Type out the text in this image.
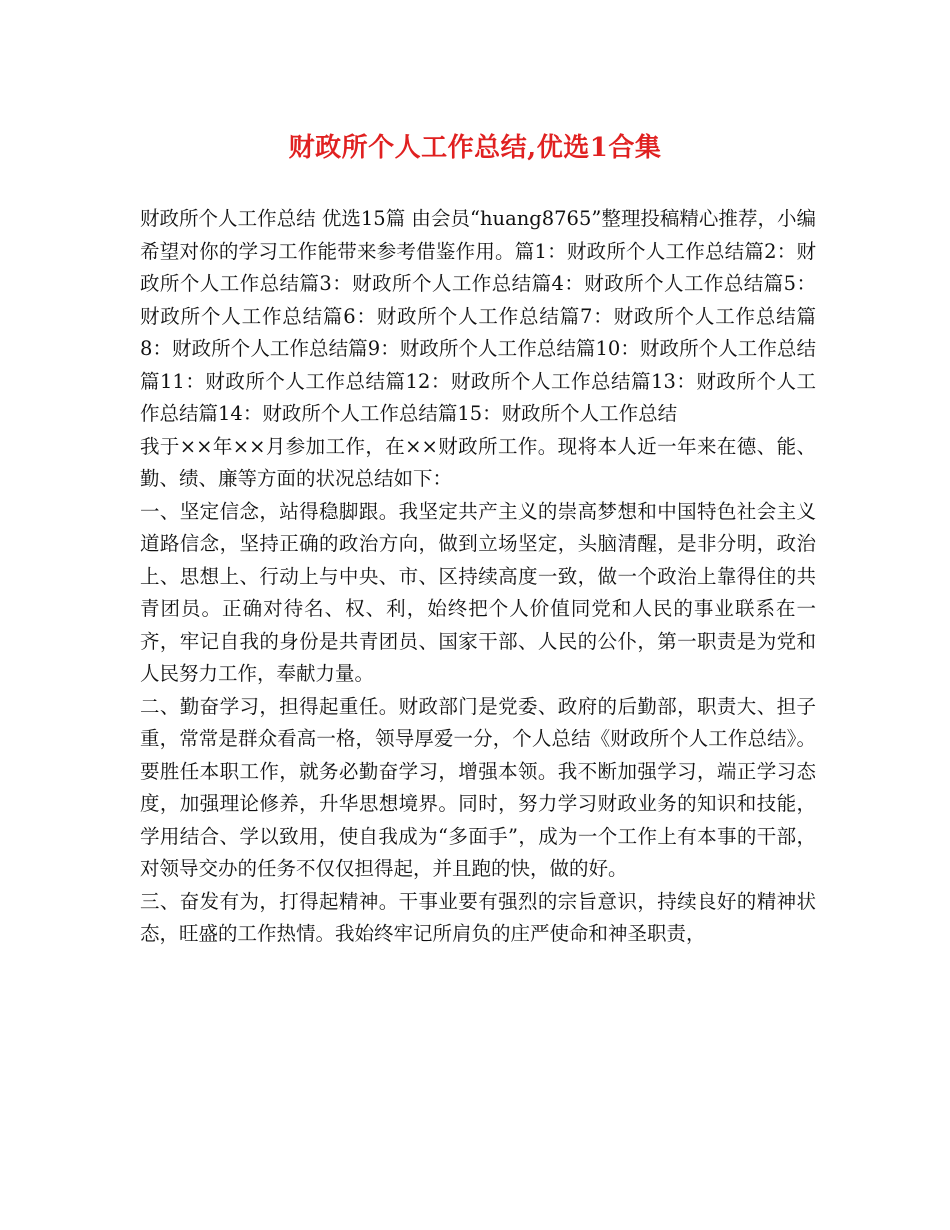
财政所个人工作总结,优选1合集

财政所个人工作总结 优选15篇 由会员“huang8765”整理投稿精心推荐，小编希望对你的学习工作能带来参考借鉴作用。篇1：财政所个人工作总结篇2：财政所个人工作总结篇3：财政所个人工作总结篇4：财政所个人工作总结篇5：财政所个人工作总结篇6：财政所个人工作总结篇7：财政所个人工作总结篇8：财政所个人工作总结篇9：财政所个人工作总结篇10：财政所个人工作总结篇11：财政所个人工作总结篇12：财政所个人工作总结篇13：财政所个人工作总结篇14：财政所个人工作总结篇15：财政所个人工作总结

我于××年××月参加工作，在××财政所工作。现将本人近一年来在德、能、勤、绩、廉等方面的状况总结如下：

一、坚定信念，站得稳脚跟。我坚定共产主义的崇高梦想和中国特色社会主义道路信念，坚持正确的政治方向，做到立场坚定，头脑清醒，是非分明，政治上、思想上、行动上与中央、市、区持续高度一致，做一个政治上靠得住的共青团员。正确对待名、权、利，始终把个人价值同党和人民的事业联系在一齐，牢记自我的身份是共青团员、国家干部、人民的公仆，第一职责是为党和人民努力工作，奉献力量。

二、勤奋学习，担得起重任。财政部门是党委、政府的后勤部，职责大、担子重，常常是群众看高一格，领导厚爱一分，个人总结《财政所个人工作总结》。要胜任本职工作，就务必勤奋学习，增强本领。我不断加强学习，端正学习态度，加强理论修养，升华思想境界。同时，努力学习财政业务的知识和技能，学用结合、学以致用，使自我成为“多面手”，成为一个工作上有本事的干部，对领导交办的任务不仅仅担得起，并且跑的快，做的好。

三、奋发有为，打得起精神。干事业要有强烈的宗旨意识，持续良好的精神状态，旺盛的工作热情。我始终牢记所肩负的庄严使命和神圣职责，
